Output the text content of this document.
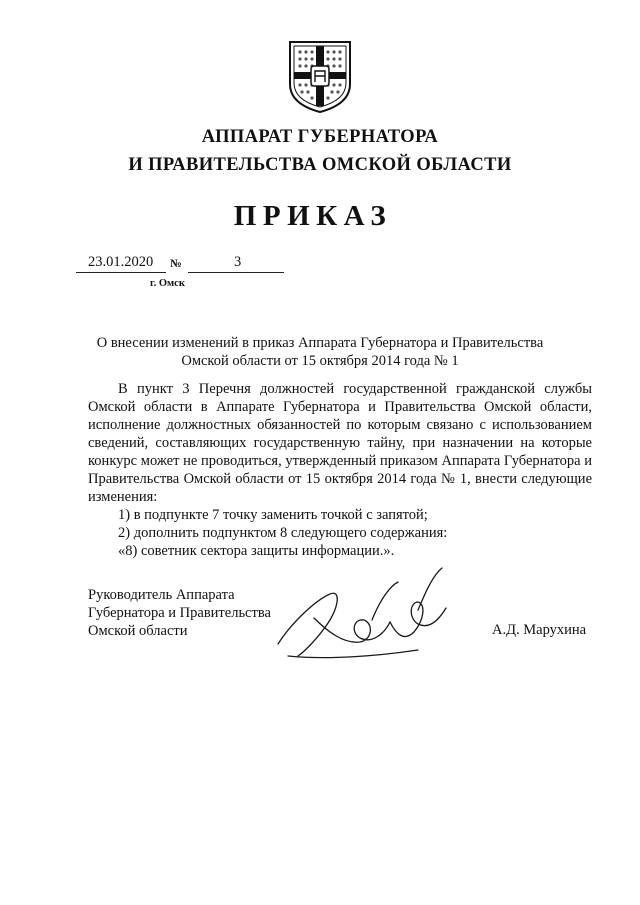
АППАРАТ ГУБЕРНАТОРА
И ПРАВИТЕЛЬСТВА ОМСКОЙ ОБЛАСТИ
ПРИКАЗ
23.01.2020 №	3
г. Омск
О внесении изменений в приказ Аппарата Губернатора и Правительства
Омской области от 15 октября 2014 года № 1
В пункт 3 Перечня должностей государственной гражданской службы Омской области в Аппарате Губернатора и Правительства Омской области, исполнение должностных обязанностей по которым связано с использованием сведений, составляющих государственную тайну, при назначении на которые конкурс может не проводиться, утвержденный приказом Аппарата Губернатора и Правительства Омской области от 15 октября 2014 года № 1, внести следующие изменения:
1) в подпункте 7 точку заменить точкой с запятой;
2) дополнить подпунктом 8 следующего содержания:
«8) советник сектора защиты информации.».
Руководитель Аппарата
Губернатора и Правительства
Омской области	А.Д. Марухина
